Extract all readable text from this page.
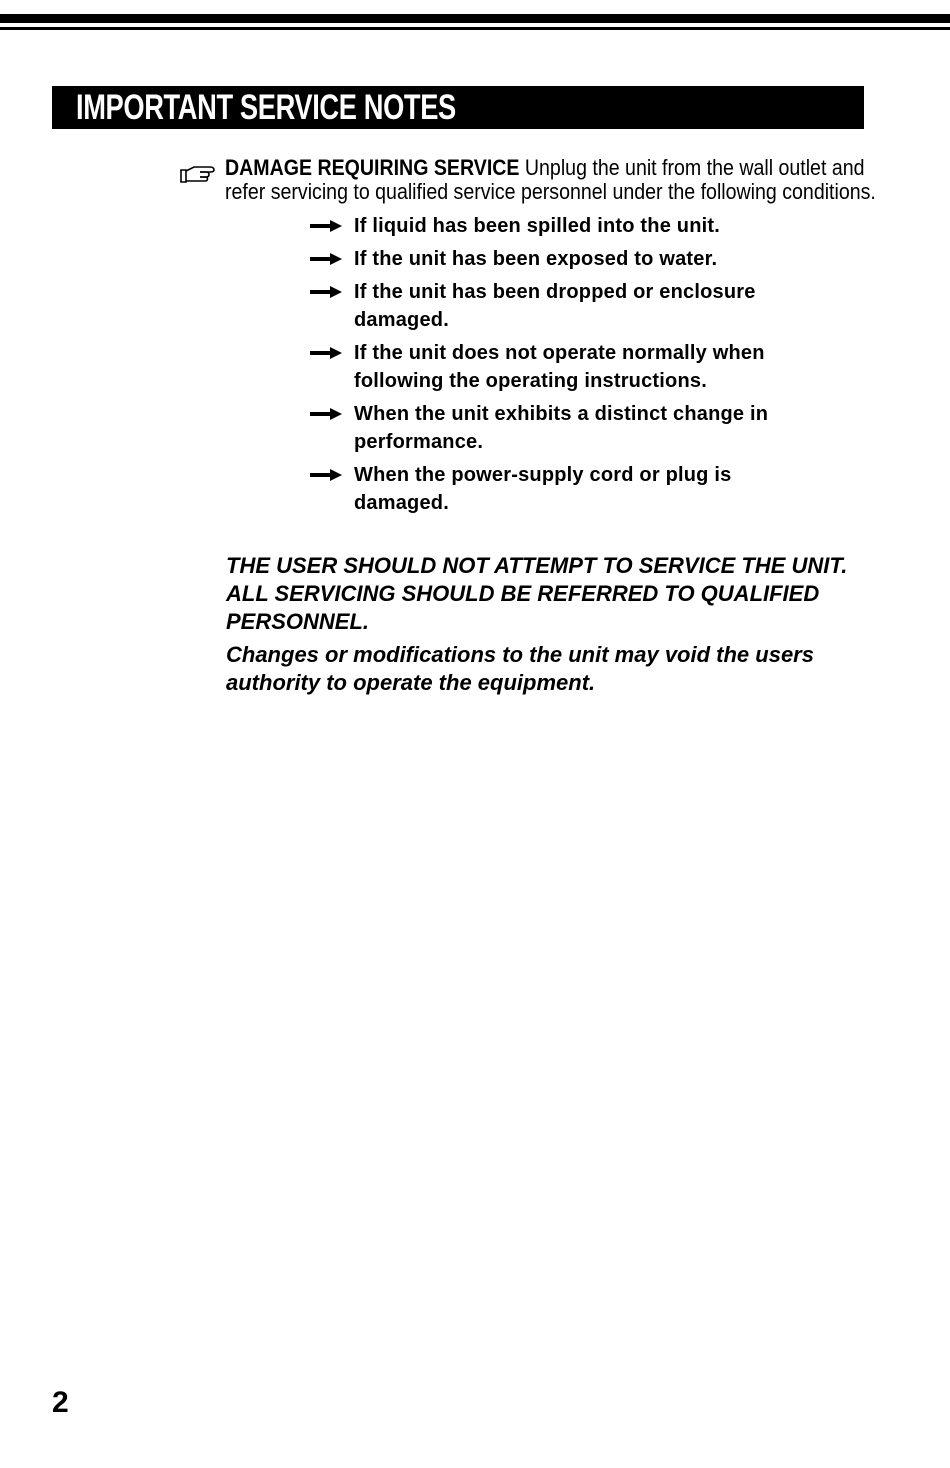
IMPORTANT SERVICE NOTES
DAMAGE REQUIRING SERVICE Unplug the unit from the wall outlet and refer servicing to qualified service personnel under the following conditions.
If liquid has been spilled into the unit.
If the unit has been exposed to water.
If the unit has been dropped or enclosure damaged.
If the unit does not operate normally when following the operating instructions.
When the unit exhibits a distinct change in performance.
When the power-supply cord or plug is damaged.

THE USER SHOULD NOT ATTEMPT TO SERVICE THE UNIT. ALL SERVICING SHOULD BE REFERRED TO QUALIFIED PERSONNEL.

Changes or modifications to the unit may void the users authority to operate the equipment.

2
